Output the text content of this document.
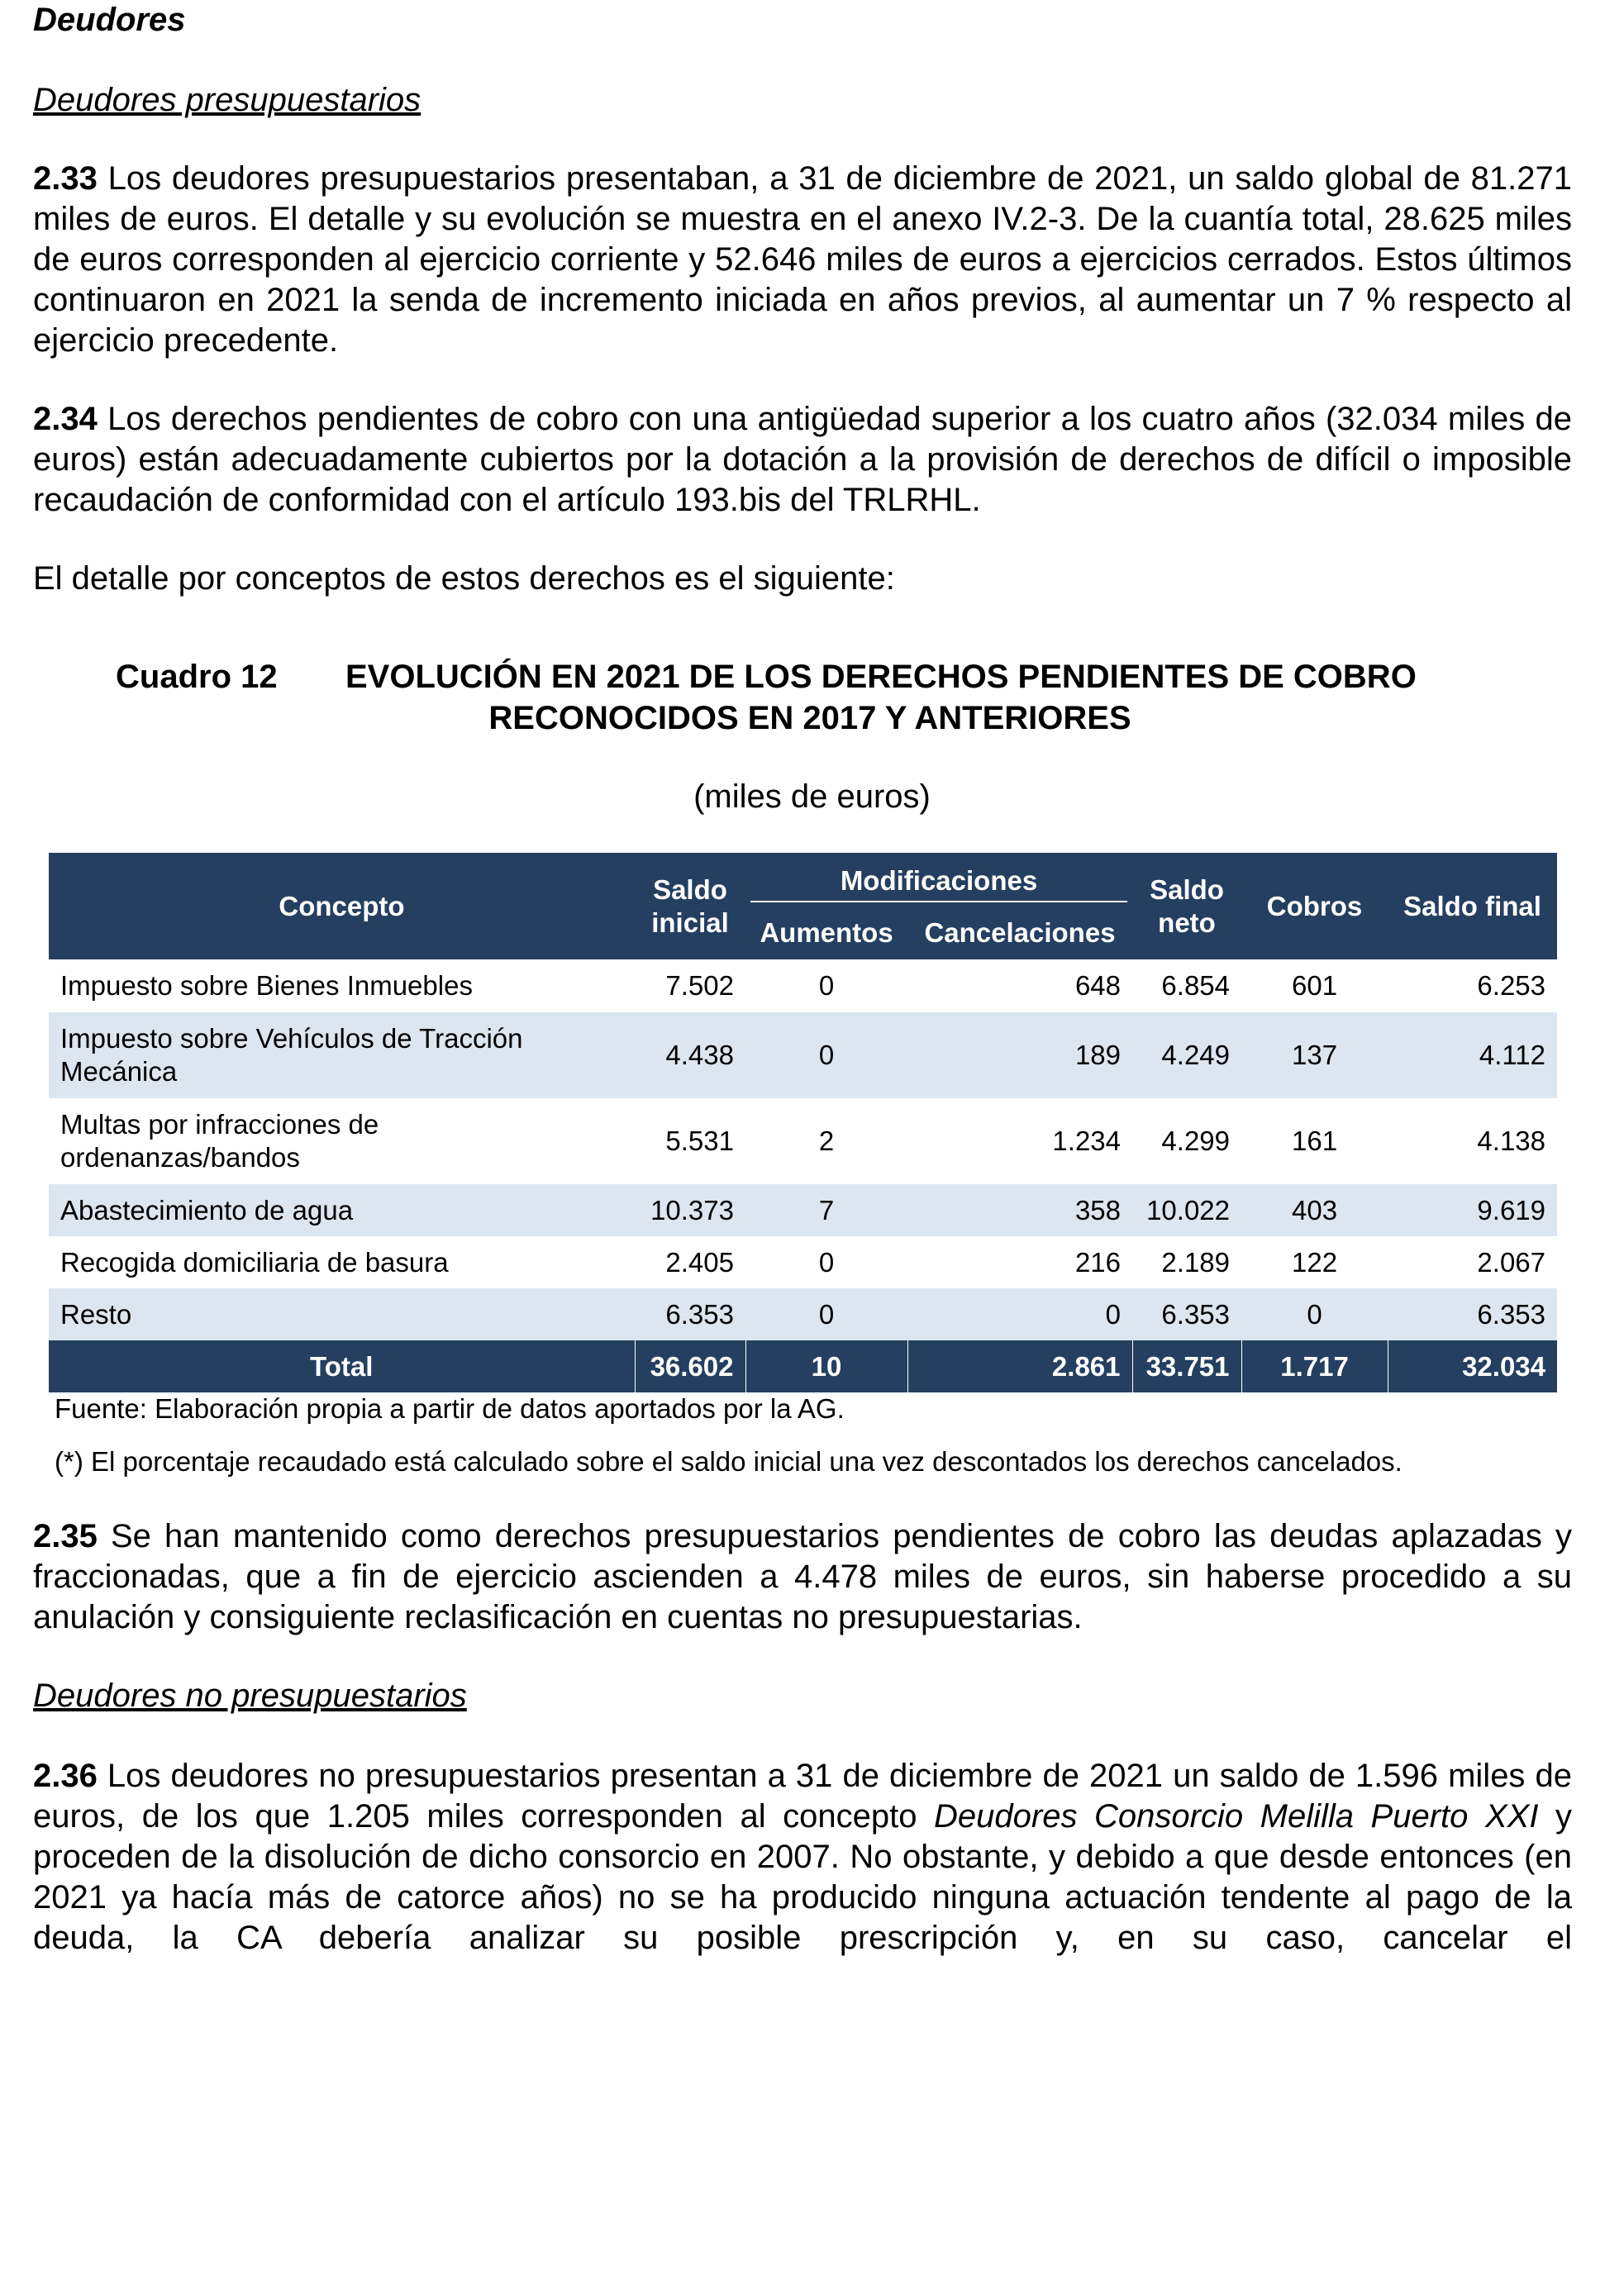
Deudores
Deudores presupuestarios
2.33 Los deudores presupuestarios presentaban, a 31 de diciembre de 2021, un saldo global de 81.271 miles de euros. El detalle y su evolución se muestra en el anexo IV.2-3. De la cuantía total, 28.625 miles de euros corresponden al ejercicio corriente y 52.646 miles de euros a ejercicios cerrados. Estos últimos continuaron en 2021 la senda de incremento iniciada en años previos, al aumentar un 7 % respecto al ejercicio precedente.
2.34 Los derechos pendientes de cobro con una antigüedad superior a los cuatro años (32.034 miles de euros) están adecuadamente cubiertos por la dotación a la provisión de derechos de difícil o imposible recaudación de conformidad con el artículo 193.bis del TRLRHL.
El detalle por conceptos de estos derechos es el siguiente:
Cuadro 12 EVOLUCIÓN EN 2021 DE LOS DERECHOS PENDIENTES DE COBRO
RECONOCIDOS EN 2017 Y ANTERIORES
(miles de euros)
Concepto	Saldo inicial	Modificaciones		Saldo neto	Cobros	Saldo final
		Aumentos	Cancelaciones			
Impuesto sobre Bienes Inmuebles	7.502	0	648	6.854	601	6.253
Impuesto sobre Vehículos de Tracción Mecánica	4.438	0	189	4.249	137	4.112
Multas por infracciones de ordenanzas/bandos	5.531	2	1.234	4.299	161	4.138
Abastecimiento de agua	10.373	7	358	10.022	403	9.619
Recogida domiciliaria de basura	2.405	0	216	2.189	122	2.067
Resto	6.353	0	0	6.353	0	6.353
Total	36.602	10	2.861	33.751	1.717	32.034
Fuente: Elaboración propia a partir de datos aportados por la AG.
(*) El porcentaje recaudado está calculado sobre el saldo inicial una vez descontados los derechos cancelados.
2.35 Se han mantenido como derechos presupuestarios pendientes de cobro las deudas aplazadas y fraccionadas, que a fin de ejercicio ascienden a 4.478 miles de euros, sin haberse procedido a su anulación y consiguiente reclasificación en cuentas no presupuestarias.
Deudores no presupuestarios
2.36 Los deudores no presupuestarios presentan a 31 de diciembre de 2021 un saldo de 1.596 miles de euros, de los que 1.205 miles corresponden al concepto Deudores Consorcio Melilla Puerto XXI y proceden de la disolución de dicho consorcio en 2007. No obstante, y debido a que desde entonces (en 2021 ya hacía más de catorce años) no se ha producido ninguna actuación tendente al pago de la deuda, la CA debería analizar su posible prescripción y, en su caso, cancelar el
